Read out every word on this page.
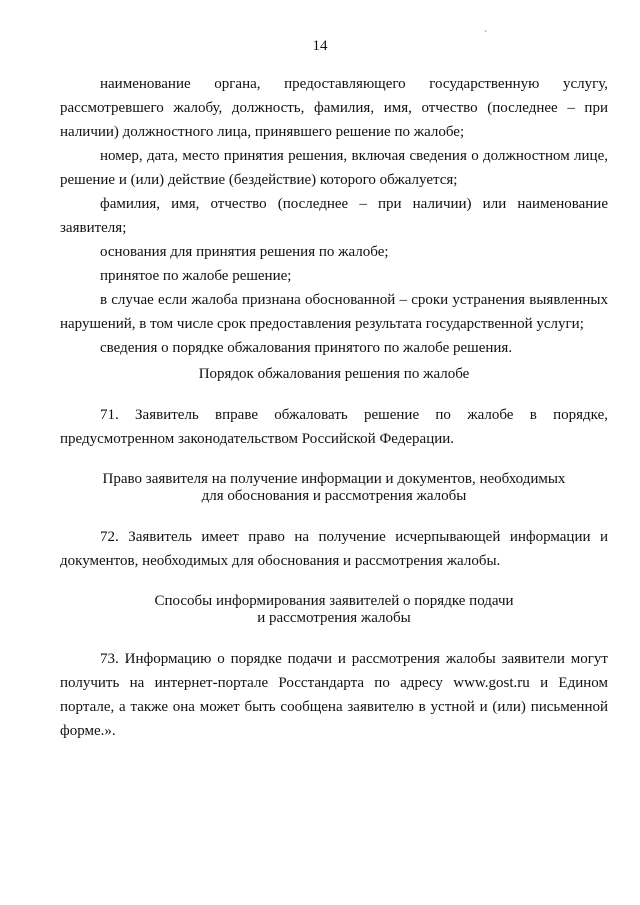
14
ˋ

наименование органа, предоставляющего государственную услугу, рассмотревшего жалобу, должность, фамилия, имя, отчество (последнее – при наличии) должностного лица, принявшего решение по жалобе;

номер, дата, место принятия решения, включая сведения о должностном лице, решение и (или) действие (бездействие) которого обжалуется;

фамилия, имя, отчество (последнее – при наличии) или наименование заявителя;

основания для принятия решения по жалобе;

принятое по жалобе решение;

в случае если жалоба признана обоснованной – сроки устранения выявленных нарушений, в том числе срок предоставления результата государственной услуги;

сведения о порядке обжалования принятого по жалобе решения.

Порядок обжалования решения по жалобе

71. Заявитель вправе обжаловать решение по жалобе в порядке, предусмотренном законодательством Российской Федерации.

Право заявителя на получение информации и документов, необходимых

для обоснования и рассмотрения жалобы

72. Заявитель имеет право на получение исчерпывающей информации и документов, необходимых для обоснования и рассмотрения жалобы.

Способы информирования заявителей о порядке подачи

и рассмотрения жалобы

73. Информацию о порядке подачи и рассмотрения жалобы заявители могут получить на интернет-портале Росстандарта по адресу www.gost.ru и Едином портале, а также она может быть сообщена заявителю в устной и (или) письменной форме.».
